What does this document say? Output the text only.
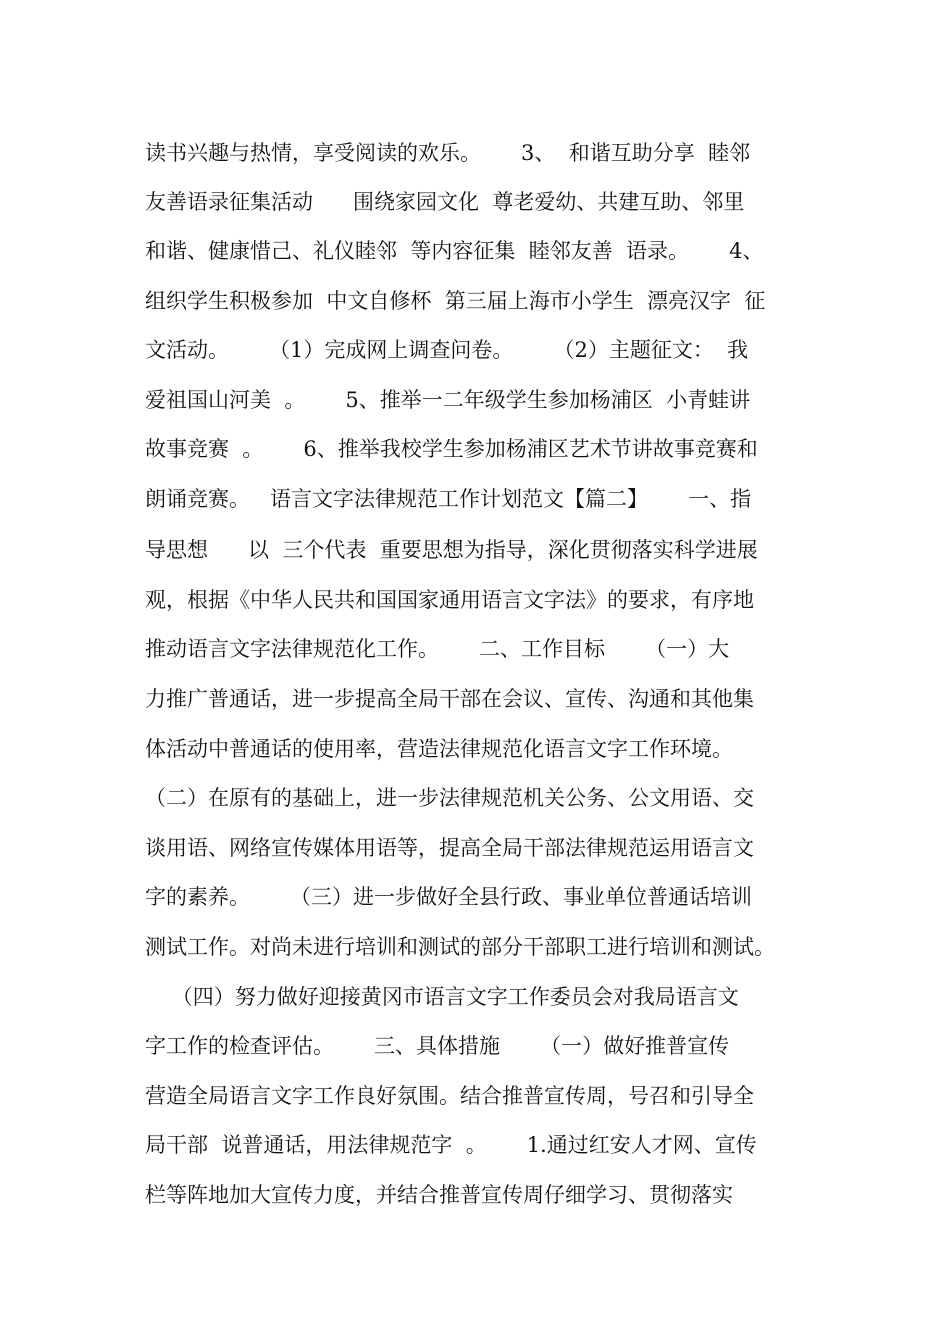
读书兴趣与热情，享受阅读的欢乐。      3、  和谐互助分享  睦邻

友善语录征集活动      围绕家园文化  尊老爱幼、共建互助、邻里

和谐、健康惜己、礼仪睦邻  等内容征集  睦邻友善  语录。      4、

组织学生积极参加  中文自修杯  第三届上海市小学生  漂亮汉字  征

文活动。      （1）完成网上调查问卷。      （2）主题征文：  我

爱祖国山河美  。      5、推举一二年级学生参加杨浦区  小青蛙讲

故事竞赛  。      6、推举我校学生参加杨浦区艺术节讲故事竞赛和

朗诵竞赛。   语言文字法律规范工作计划范文【篇二】      一、指

导思想      以  三个代表  重要思想为指导，深化贯彻落实科学进展

观，根据《中华人民共和国国家通用语言文字法》的要求，有序地

推动语言文字法律规范化工作。      二、工作目标      （一）大

力推广普通话，进一步提高全局干部在会议、宣传、沟通和其他集

体活动中普通话的使用率，营造法律规范化语言文字工作环境。

（二）在原有的基础上，进一步法律规范机关公务、公文用语、交

谈用语、网络宣传媒体用语等，提高全局干部法律规范运用语言文

字的素养。      （三）进一步做好全县行政、事业单位普通话培训

测试工作。对尚未进行培训和测试的部分干部职工进行培训和测试。

（四）努力做好迎接黄冈市语言文字工作委员会对我局语言文

字工作的检查评估。      三、具体措施      （一）做好推普宣传

营造全局语言文字工作良好氛围。结合推普宣传周，号召和引导全

局干部  说普通话，用法律规范字  。      1.通过红安人才网、宣传

栏等阵地加大宣传力度，并结合推普宣传周仔细学习、贯彻落实
